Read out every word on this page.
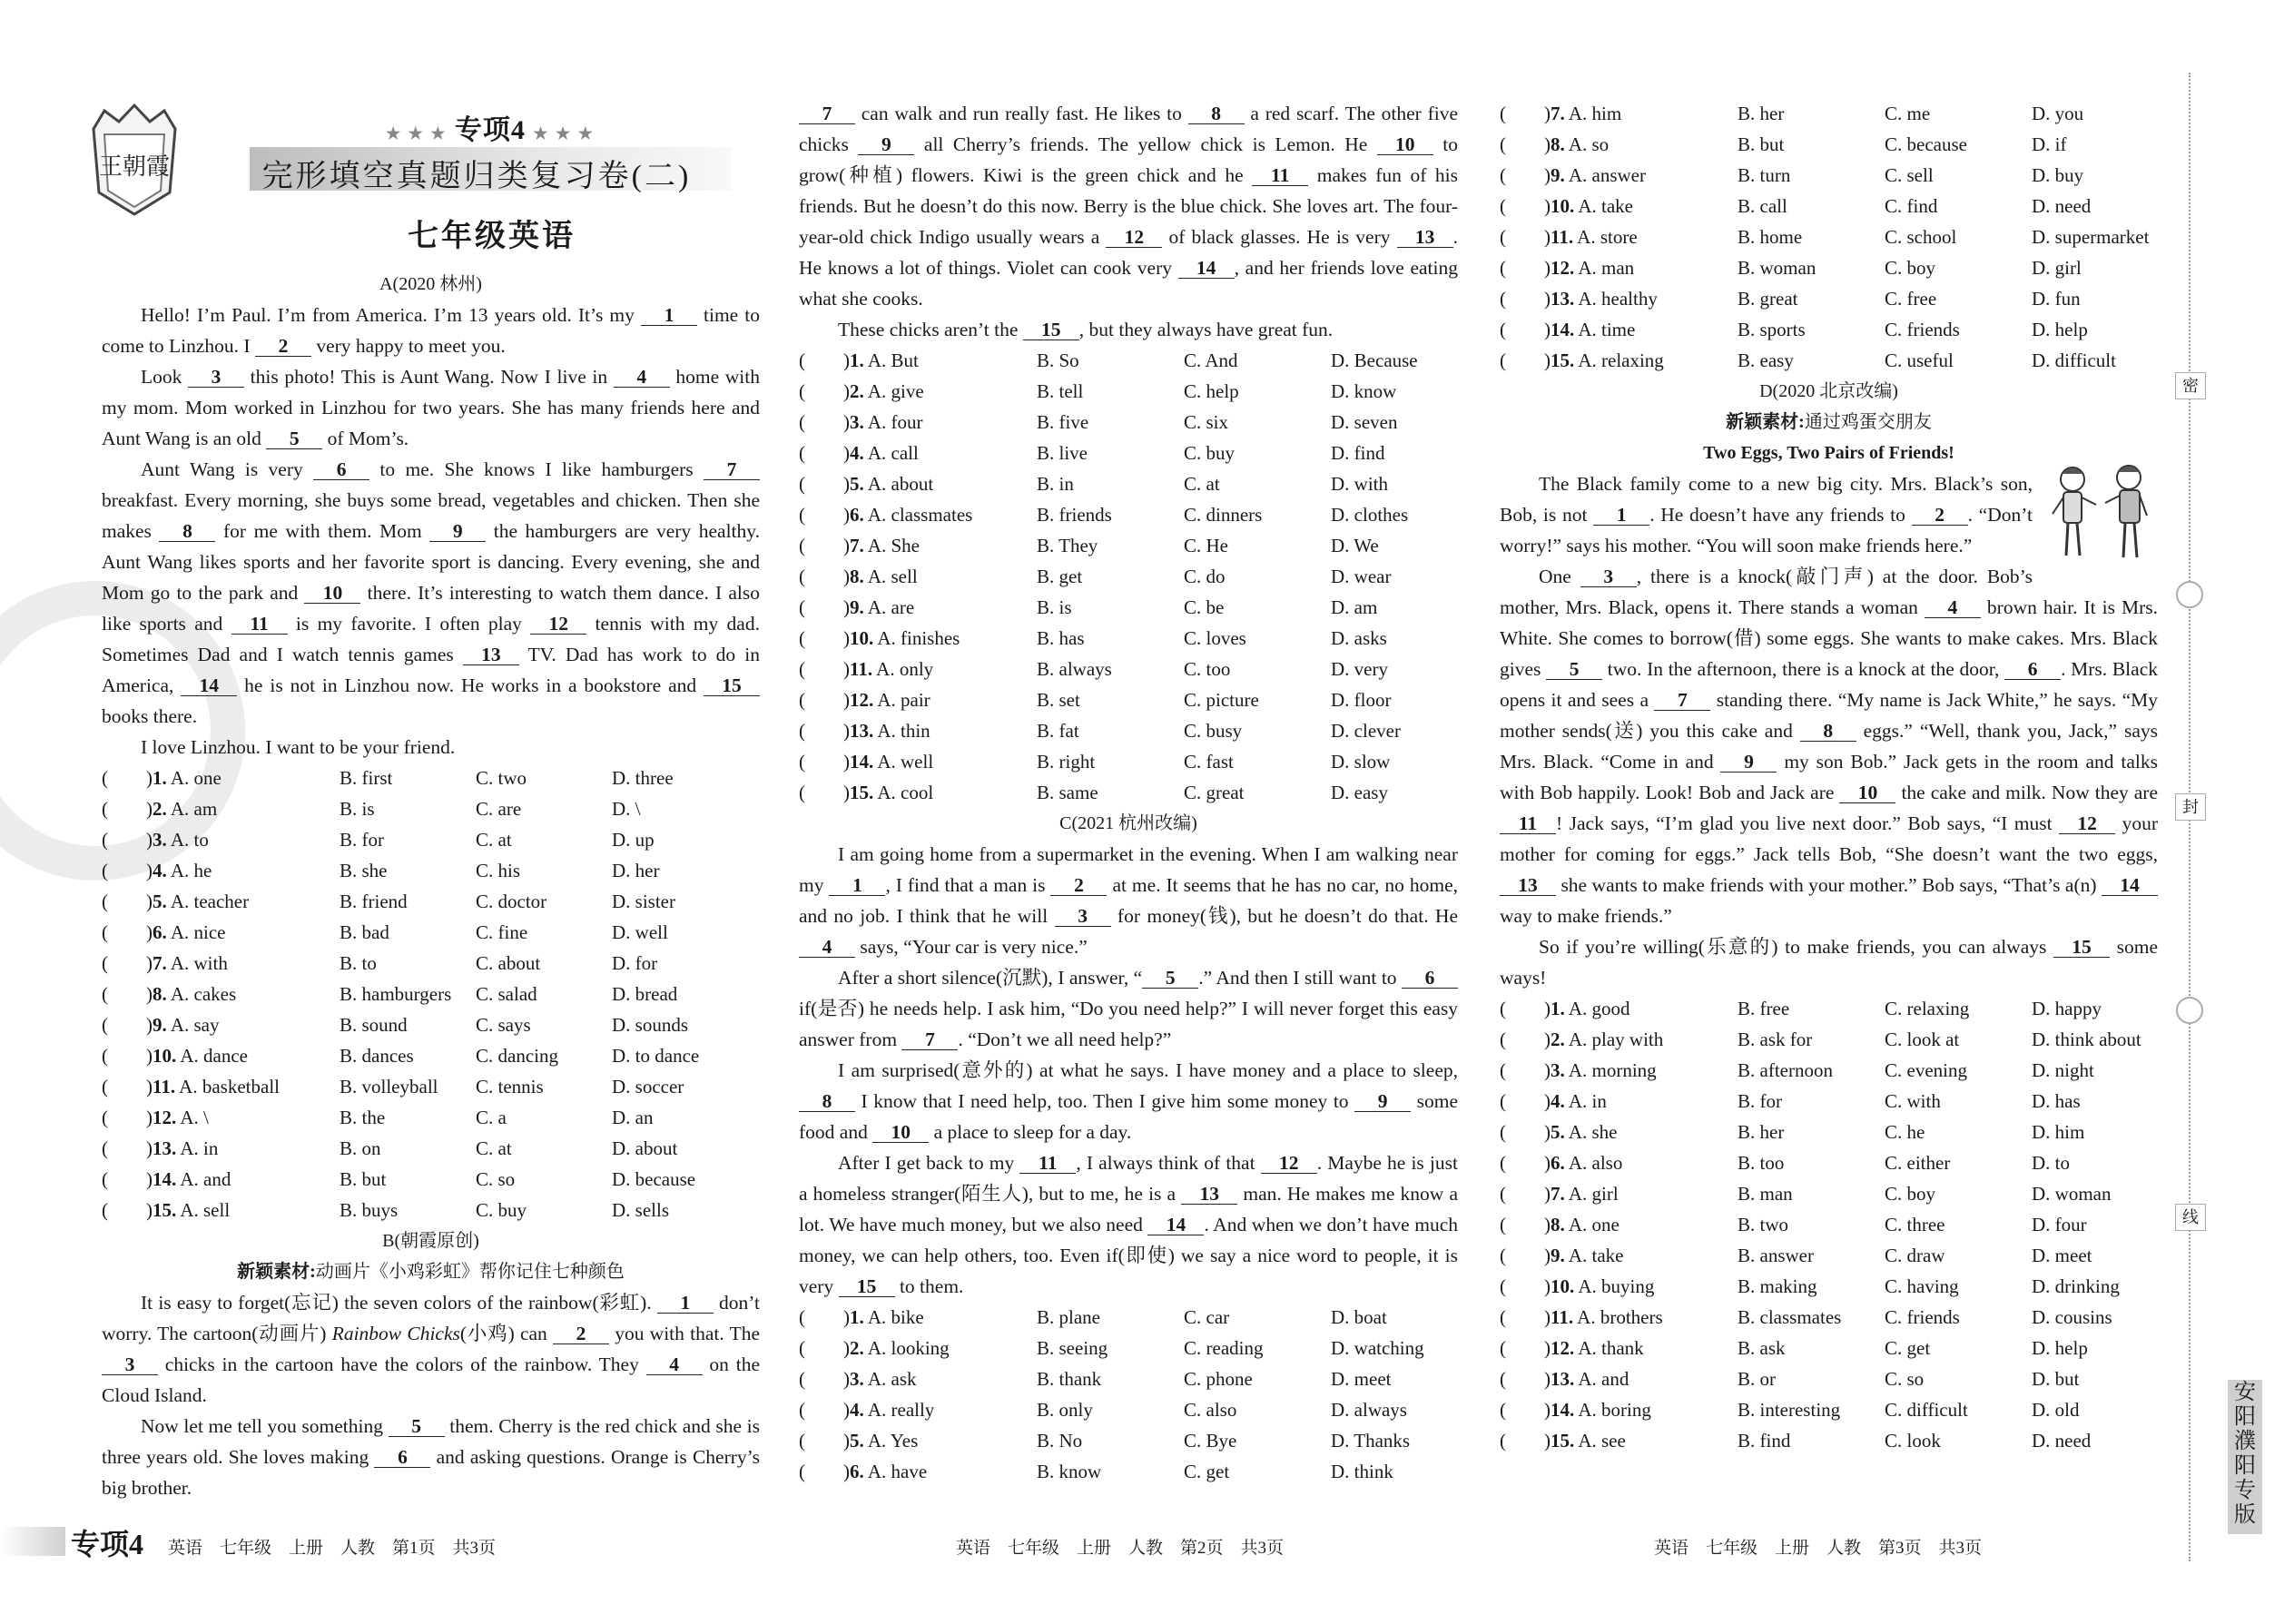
王朝霞
★ ★ ★ 专项4 ★ ★ ★
完形填空真题归类复习卷(二)
七年级英语
A(2020 林州)

Hello! I’m Paul. I’m from America. I’m 13 years old. It’s my 1 time to come to Linzhou. I 2 very happy to meet you.

Look 3 this photo! This is Aunt Wang. Now I live in 4 home with my mom. Mom worked in Linzhou for two years. She has many friends here and Aunt Wang is an old 5 of Mom’s.

Aunt Wang is very 6 to me. She knows I like hamburgers 7 breakfast. Every morning, she buys some bread, vegetables and chicken. Then she makes 8 for me with them. Mom 9 the hamburgers are very healthy. Aunt Wang likes sports and her favorite sport is dancing. Every evening, she and Mom go to the park and 10 there. It’s interesting to watch them dance. I also like sports and 11 is my favorite. I often play 12 tennis with my dad. Sometimes Dad and I watch tennis games 13 TV. Dad has work to do in America, 14 he is not in Linzhou now. He works in a bookstore and 15 books there.

I love Linzhou. I want to be your friend.

(　　)1. A. one	B. first	C. two	D. three
(　　)2. A. am	B. is	C. are	D. \
(　　)3. A. to	B. for	C. at	D. up
(　　)4. A. he	B. she	C. his	D. her
(　　)5. A. teacher	B. friend	C. doctor	D. sister
(　　)6. A. nice	B. bad	C. fine	D. well
(　　)7. A. with	B. to	C. about	D. for
(　　)8. A. cakes	B. hamburgers	C. salad	D. bread
(　　)9. A. say	B. sound	C. says	D. sounds
(　　)10. A. dance	B. dances	C. dancing	D. to dance
(　　)11. A. basketball	B. volleyball	C. tennis	D. soccer
(　　)12. A. \	B. the	C. a	D. an
(　　)13. A. in	B. on	C. at	D. about
(　　)14. A. and	B. but	C. so	D. because
(　　)15. A. sell	B. buys	C. buy	D. sells
B(朝霞原创)
新颖素材:动画片《小鸡彩虹》帮你记住七种颜色

It is easy to forget(忘记) the seven colors of the rainbow(彩虹). 1 don’t worry. The cartoon(动画片) Rainbow Chicks(小鸡) can 2 you with that. The 3 chicks in the cartoon have the colors of the rainbow. They 4 on the Cloud Island.

Now let me tell you something 5 them. Cherry is the red chick and she is three years old. She loves making 6 and asking questions. Orange is Cherry’s big brother.

7 can walk and run really fast. He likes to 8 a red scarf. The other five chicks 9 all Cherry’s friends. The yellow chick is Lemon. He 10 to grow(种植) flowers. Kiwi is the green chick and he 11 makes fun of his friends. But he doesn’t do this now. Berry is the blue chick. She loves art. The four-year-old chick Indigo usually wears a 12 of black glasses. He is very 13 . He knows a lot of things. Violet can cook very 14 , and her friends love eating what she cooks.

These chicks aren’t the 15 , but they always have great fun.

(　　)1. A. But	B. So	C. And	D. Because
(　　)2. A. give	B. tell	C. help	D. know
(　　)3. A. four	B. five	C. six	D. seven
(　　)4. A. call	B. live	C. buy	D. find
(　　)5. A. about	B. in	C. at	D. with
(　　)6. A. classmates	B. friends	C. dinners	D. clothes
(　　)7. A. She	B. They	C. He	D. We
(　　)8. A. sell	B. get	C. do	D. wear
(　　)9. A. are	B. is	C. be	D. am
(　　)10. A. finishes	B. has	C. loves	D. asks
(　　)11. A. only	B. always	C. too	D. very
(　　)12. A. pair	B. set	C. picture	D. floor
(　　)13. A. thin	B. fat	C. busy	D. clever
(　　)14. A. well	B. right	C. fast	D. slow
(　　)15. A. cool	B. same	C. great	D. easy
C(2021 杭州改编)

I am going home from a supermarket in the evening. When I am walking near my 1 , I find that a man is 2 at me. It seems that he has no car, no home, and no job. I think that he will 3 for money(钱), but he doesn’t do that. He 4 says, “Your car is very nice.”

After a short silence(沉默), I answer, “ 5 .” And then I still want to 6 if(是否) he needs help. I ask him, “Do you need help?” I will never forget this easy answer from 7 . “Don’t we all need help?”

I am surprised(意外的) at what he says. I have money and a place to sleep, 8 I know that I need help, too. Then I give him some money to 9 some food and 10 a place to sleep for a day.

After I get back to my 11 , I always think of that 12 . Maybe he is just a homeless stranger(陌生人), but to me, he is a 13 man. He makes me know a lot. We have much money, but we also need 14 . And when we don’t have much money, we can help others, too. Even if(即使) we say a nice word to people, it is very 15 to them.

(　　)1. A. bike	B. plane	C. car	D. boat
(　　)2. A. looking	B. seeing	C. reading	D. watching
(　　)3. A. ask	B. thank	C. phone	D. meet
(　　)4. A. really	B. only	C. also	D. always
(　　)5. A. Yes	B. No	C. Bye	D. Thanks
(　　)6. A. have	B. know	C. get	D. think
(　　)7. A. him	B. her	C. me	D. you
(　　)8. A. so	B. but	C. because	D. if
(　　)9. A. answer	B. turn	C. sell	D. buy
(　　)10. A. take	B. call	C. find	D. need
(　　)11. A. store	B. home	C. school	D. supermarket
(　　)12. A. man	B. woman	C. boy	D. girl
(　　)13. A. healthy	B. great	C. free	D. fun
(　　)14. A. time	B. sports	C. friends	D. help
(　　)15. A. relaxing	B. easy	C. useful	D. difficult
D(2020 北京改编)
新颖素材:通过鸡蛋交朋友
Two Eggs, Two Pairs of Friends!

The Black family come to a new big city. Mrs. Black’s son, Bob, is not 1 . He doesn’t have any friends to 2 . “Don’t worry!” says his mother. “You will soon make friends here.”

One 3 , there is a knock(敲门声) at the door. Bob’s mother, Mrs. Black, opens it. There stands a woman 4 brown hair. It is Mrs. White. She comes to borrow(借) some eggs. She wants to make cakes. Mrs. Black gives 5 two. In the afternoon, there is a knock at the door, 6 . Mrs. Black opens it and sees a 7 standing there. “My name is Jack White,” he says. “My mother sends(送) you this cake and 8 eggs.” “Well, thank you, Jack,” says Mrs. Black. “Come in and 9 my son Bob.” Jack gets in the room and talks with Bob happily. Look! Bob and Jack are 10 the cake and milk. Now they are 11 ! Jack says, “I’m glad you live next door.” Bob says, “I must 12 your mother for coming for eggs.” Jack tells Bob, “She doesn’t want the two eggs, 13 she wants to make friends with your mother.” Bob says, “That’s a(n) 14 way to make friends.”

So if you’re willing(乐意的) to make friends, you can always 15 some ways!

(　　)1. A. good	B. free	C. relaxing	D. happy
(　　)2. A. play with	B. ask for	C. look at	D. think about
(　　)3. A. morning	B. afternoon	C. evening	D. night
(　　)4. A. in	B. for	C. with	D. has
(　　)5. A. she	B. her	C. he	D. him
(　　)6. A. also	B. too	C. either	D. to
(　　)7. A. girl	B. man	C. boy	D. woman
(　　)8. A. one	B. two	C. three	D. four
(　　)9. A. take	B. answer	C. draw	D. meet
(　　)10. A. buying	B. making	C. having	D. drinking
(　　)11. A. brothers	B. classmates	C. friends	D. cousins
(　　)12. A. thank	B. ask	C. get	D. help
(　　)13. A. and	B. or	C. so	D. but
(　　)14. A. boring	B. interesting	C. difficult	D. old
(　　)15. A. see	B. find	C. look	D. need
专项4 英语　七年级　上册　人教　第1页　共3页	英语　七年级　上册　人教　第2页　共3页	英语　七年级　上册　人教　第3页　共3页
密
封
线
安阳濮阳专版
